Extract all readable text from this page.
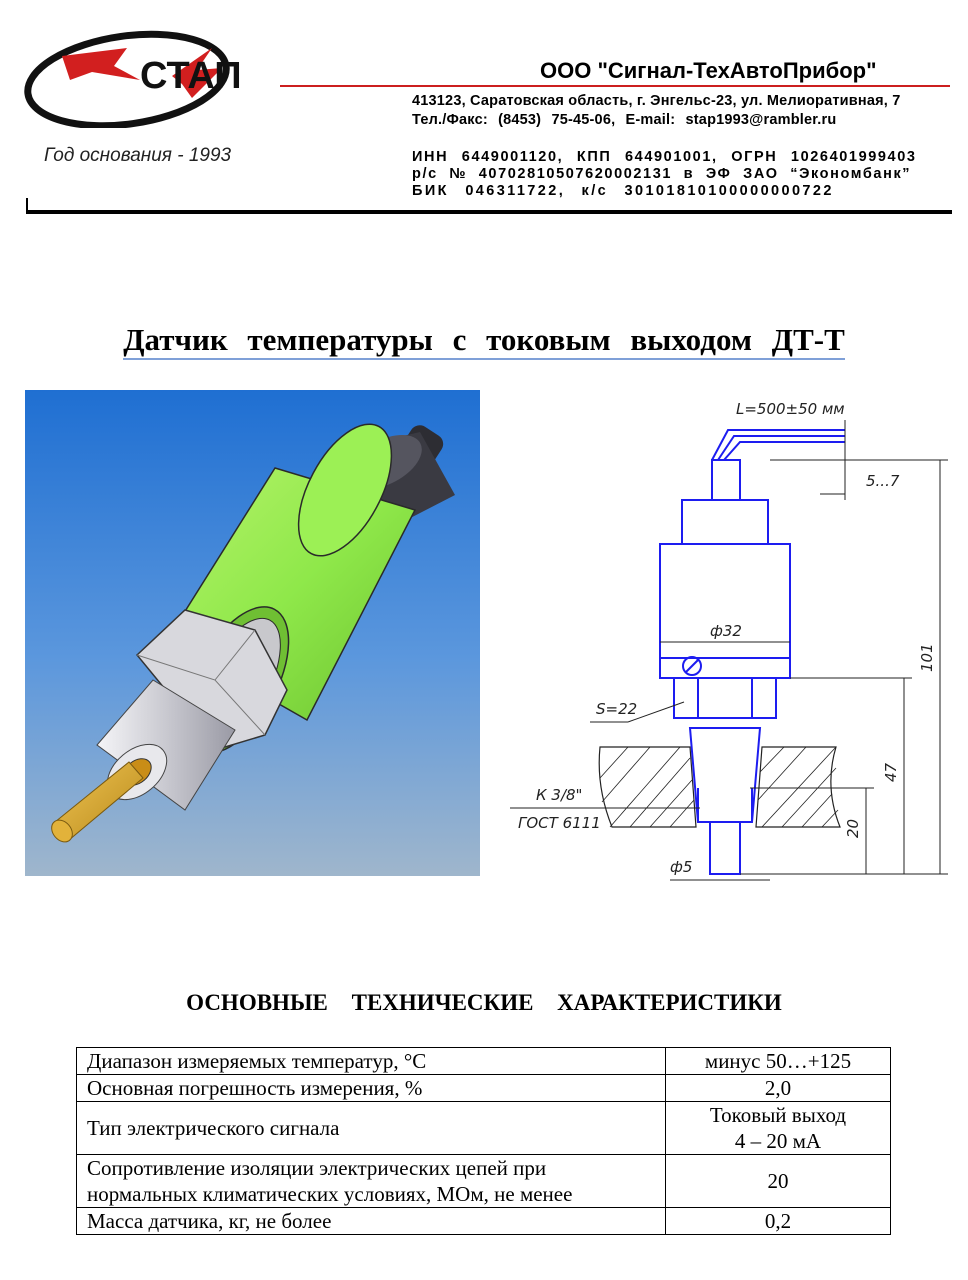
СТАП	ООО "Сигнал-ТехАвтоПрибор"
413123, Саратовская область, г. Энгельс-23, ул. Мелиоративная, 7
Тел./Факс: (8453) 75-45-06, E-mail: stap1993@rambler.ru
Год основания - 1993	ИНН 6449001120, КПП 644901001, ОГРН 1026401999403
р/с № 40702810507620002131 в ЭФ ЗАО “Экономбанк”
БИК 046311722, к/с 30101810100000000722
Датчик температуры с токовым выходом ДТ-Т
L=500±50 мм
5...7
ф32
S=22
К 3/8"
ГОСТ 6111
ф5
101
47
20
ОСНОВНЫЕ ТЕХНИЧЕСКИЕ ХАРАКТЕРИСТИКИ
Диапазон измеряемых температур, °С	минус 50…+125
Основная погрешность измерения, %	2,0
Тип электрического сигнала	Токовый выход
4 – 20 мА

Сопротивление изоляции электрических цепей при
нормальных климатических условиях, МОм, не менее	20
Масса датчика, кг, не более	0,2
